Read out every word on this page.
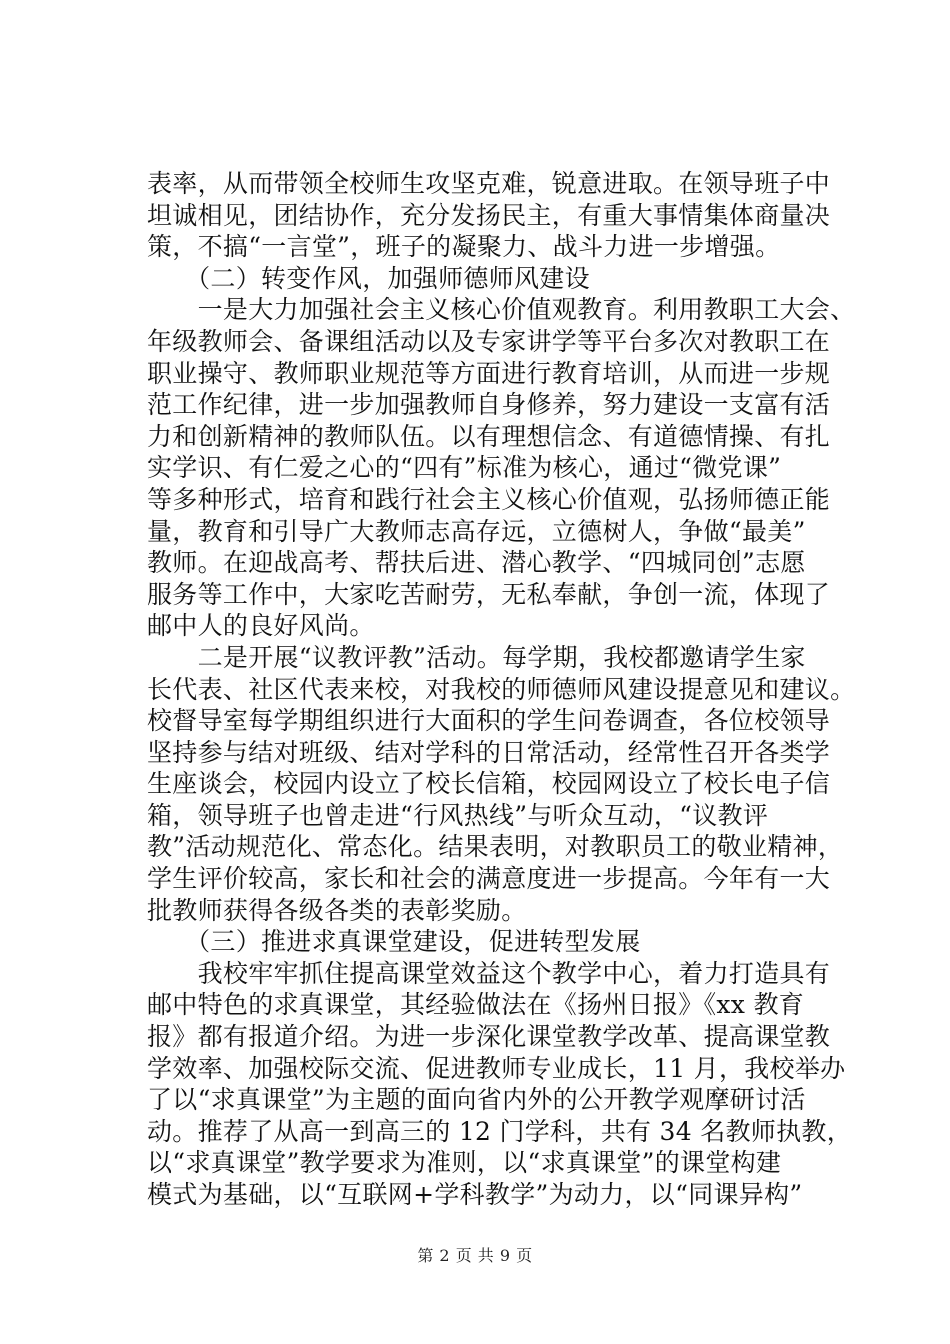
表率，从而带领全校师生攻坚克难，锐意进取。在领导班子中
坦诚相见，团结协作，充分发扬民主，有重大事情集体商量决
策，不搞“一言堂”，班子的凝聚力、战斗力进一步增强。
　　（二）转变作风，加强师德师风建设
　　一是大力加强社会主义核心价值观教育。利用教职工大会、
年级教师会、备课组活动以及专家讲学等平台多次对教职工在
职业操守、教师职业规范等方面进行教育培训，从而进一步规
范工作纪律，进一步加强教师自身修养，努力建设一支富有活
力和创新精神的教师队伍。以有理想信念、有道德情操、有扎
实学识、有仁爱之心的“四有”标准为核心，通过“微党课”
等多种形式，培育和践行社会主义核心价值观，弘扬师德正能
量，教育和引导广大教师志高存远，立德树人，争做“最美”
教师。在迎战高考、帮扶后进、潜心教学、“四城同创”志愿
服务等工作中，大家吃苦耐劳，无私奉献，争创一流，体现了
邮中人的良好风尚。
　　二是开展“议教评教”活动。每学期，我校都邀请学生家
长代表、社区代表来校，对我校的师德师风建设提意见和建议。
校督导室每学期组织进行大面积的学生问卷调查，各位校领导
坚持参与结对班级、结对学科的日常活动，经常性召开各类学
生座谈会，校园内设立了校长信箱，校园网设立了校长电子信
箱，领导班子也曾走进“行风热线”与听众互动，“议教评
教”活动规范化、常态化。结果表明，对教职员工的敬业精神，
学生评价较高，家长和社会的满意度进一步提高。今年有一大
批教师获得各级各类的表彰奖励。
　　（三）推进求真课堂建设，促进转型发展
　　我校牢牢抓住提高课堂效益这个教学中心，着力打造具有
邮中特色的求真课堂，其经验做法在《扬州日报》《xx 教育
报》都有报道介绍。为进一步深化课堂教学改革、提高课堂教
学效率、加强校际交流、促进教师专业成长，11 月，我校举办
了以“求真课堂”为主题的面向省内外的公开教学观摩研讨活
动。推荐了从高一到高三的 12 门学科，共有 34 名教师执教，
以“求真课堂”教学要求为准则，以“求真课堂”的课堂构建
模式为基础，以“互联网+学科教学”为动力，以“同课异构”
第 2 页 共 9 页
